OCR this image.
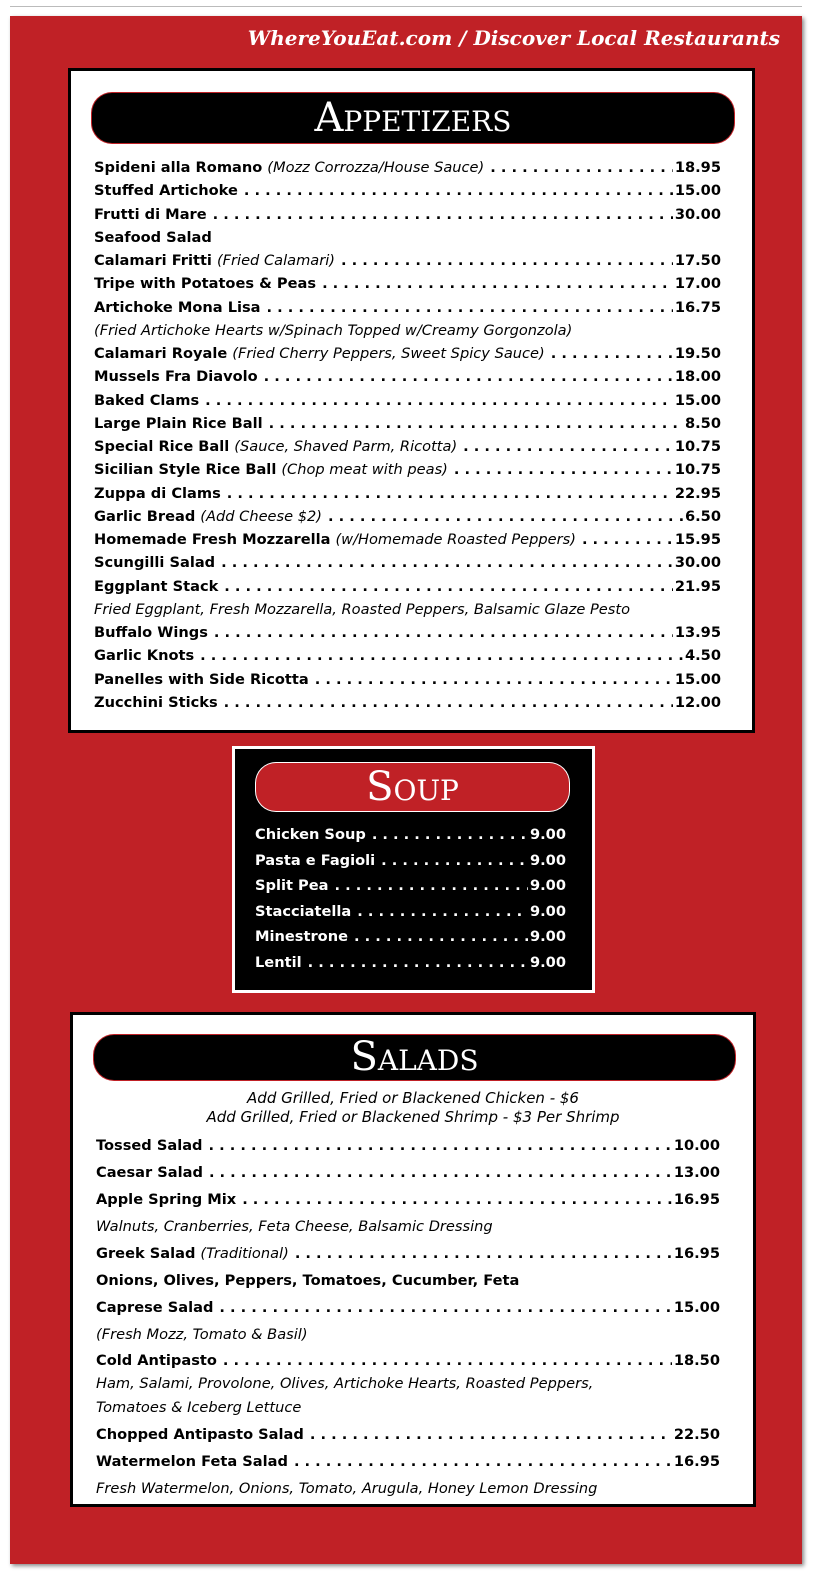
WhereYouEat.com / Discover Local Restaurants
Appetizers
Spideni alla Romano (Mozz Corrozza/House Sauce) . . .	18.95
Stuffed Artichoke . . .	15.00
Frutti di Mare . . .	30.00
Seafood Salad
Calamari Fritti (Fried Calamari) . . .	17.50
Tripe with Potatoes & Peas . . .	17.00
Artichoke Mona Lisa . . .	16.75
(Fried Artichoke Hearts w/Spinach Topped w/Creamy Gorgonzola)
Calamari Royale (Fried Cherry Peppers, Sweet Spicy Sauce) . . .	19.50
Mussels Fra Diavolo . . .	18.00
Baked Clams . . .	15.00
Large Plain Rice Ball . . .	8.50
Special Rice Ball (Sauce, Shaved Parm, Ricotta) . . .	10.75
Sicilian Style Rice Ball (Chop meat with peas) . . .	10.75
Zuppa di Clams . . .	22.95
Garlic Bread (Add Cheese $2) . . .	6.50
Homemade Fresh Mozzarella (w/Homemade Roasted Peppers) . . .	15.95
Scungilli Salad . . .	30.00
Eggplant Stack . . .	21.95
Fried Eggplant, Fresh Mozzarella, Roasted Peppers, Balsamic Glaze Pesto
Buffalo Wings . . .	13.95
Garlic Knots . . .	4.50
Panelles with Side Ricotta . . .	15.00
Zucchini Sticks . . .	12.00
Soup
Chicken Soup . . .	9.00
Pasta e Fagioli . . .	9.00
Split Pea . . .	9.00
Stacciatella . . .	9.00
Minestrone . . .	9.00
Lentil . . .	9.00
Salads
Add Grilled, Fried or Blackened Chicken - $6
Add Grilled, Fried or Blackened Shrimp - $3 Per Shrimp
Tossed Salad . . .	10.00
Caesar Salad . . .	13.00
Apple Spring Mix . . .	16.95
Walnuts, Cranberries, Feta Cheese, Balsamic Dressing
Greek Salad (Traditional) . . .	16.95
Onions, Olives, Peppers, Tomatoes, Cucumber, Feta
Caprese Salad . . .	15.00
(Fresh Mozz, Tomato & Basil)
Cold Antipasto . . .	18.50
Ham, Salami, Provolone, Olives, Artichoke Hearts, Roasted Peppers,
Tomatoes & Iceberg Lettuce
Chopped Antipasto Salad . . .	22.50
Watermelon Feta Salad . . .	16.95
Fresh Watermelon, Onions, Tomato, Arugula, Honey Lemon Dressing
